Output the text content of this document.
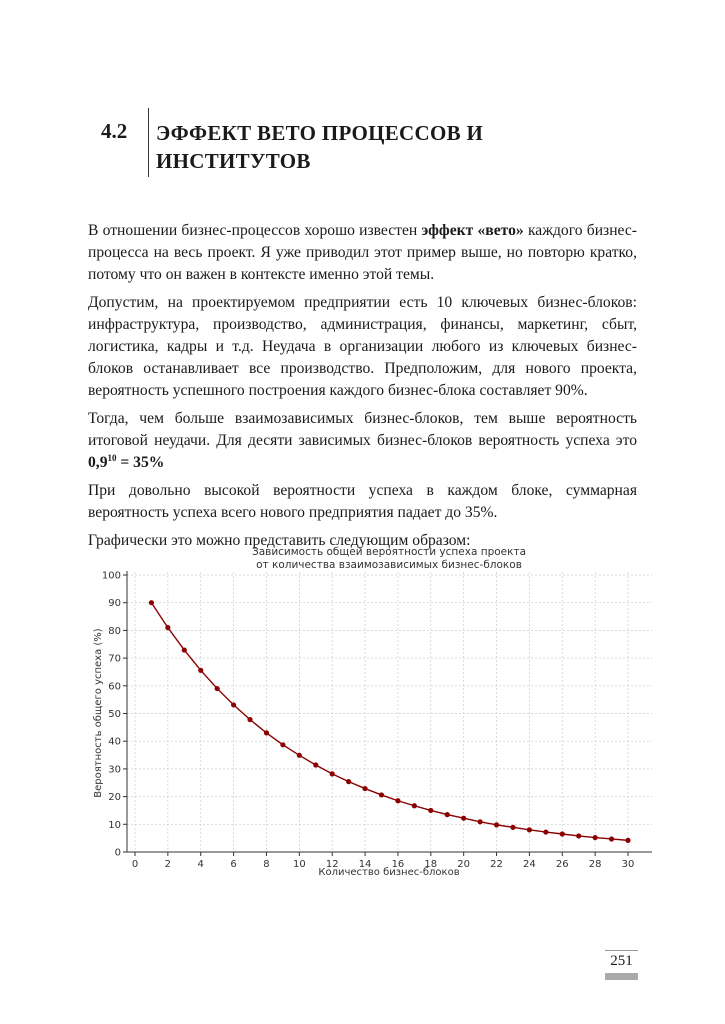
4.2 ЭФФЕКТ ВЕТО ПРОЦЕССОВ И
ИНСТИТУТОВ

В отношении бизнес-процессов хорошо известен эффект «вето» каждого бизнес-процесса на весь проект. Я уже приводил этот пример выше, но повторю кратко, потому что он важен в контексте именно этой темы.

Допустим, на проектируемом предприятии есть 10 ключевых бизнес-блоков: инфраструктура, производство, администрация, финансы, маркетинг, сбыт, логистика, кадры и т.д. Неудача в организации любого из ключевых бизнес-блоков останавливает все производство. Предположим, для нового проекта, вероятность успешного построения каждого бизнес-блока составляет 90%.

Тогда, чем больше взаимозависимых бизнес-блоков, тем выше вероятность итоговой неудачи. Для десяти зависимых бизнес-блоков вероятность успеха это $0,9^{10} = 35\%$

При довольно высокой вероятности успеха в каждом блоке, суммарная вероятность успеха всего нового предприятия падает до 35%.

Графически это можно представить следующим образом:

0
10
20
30
40
50
60
70
80
90
100
0	2	4	6	8 10 12 14 16 18 20 22 24 26 28 30
Зависимость общей вероятности успеха проекта
от количества взаимозависимых бизнес-блоков
Количество бизнес-блоков
Вероятность общего успеха (%)
251
